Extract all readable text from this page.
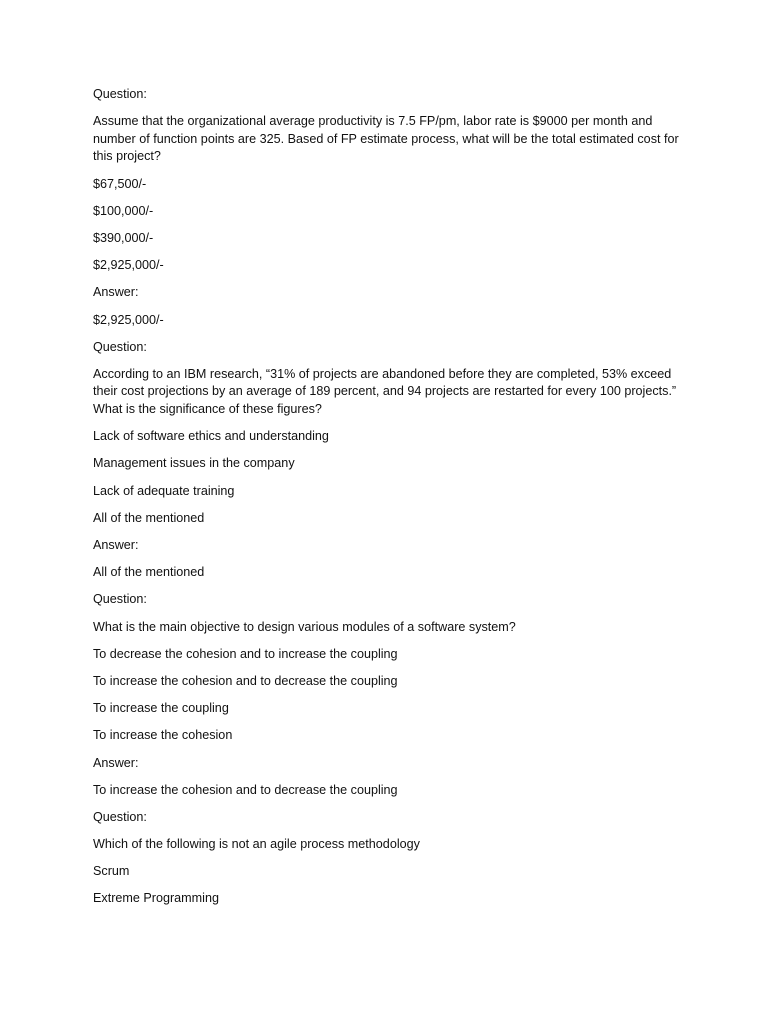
Question:

Assume that the organizational average productivity is 7.5 FP/pm, labor rate is $9000 per month and number of function points are 325. Based of FP estimate process, what will be the total estimated cost for this project?

$67,500/-

$100,000/-

$390,000/-

$2,925,000/-

Answer:

$2,925,000/-

Question:

According to an IBM research, “31% of projects are abandoned before they are completed, 53% exceed their cost projections by an average of 189 percent, and 94 projects are restarted for every 100 projects.” What is the significance of these figures?

Lack of software ethics and understanding

Management issues in the company

Lack of adequate training

All of the mentioned

Answer:

All of the mentioned

Question:

What is the main objective to design various modules of a software system?

To decrease the cohesion and to increase the coupling

To increase the cohesion and to decrease the coupling

To increase the coupling

To increase the cohesion

Answer:

To increase the cohesion and to decrease the coupling

Question:

Which of the following is not an agile process methodology

Scrum

Extreme Programming
